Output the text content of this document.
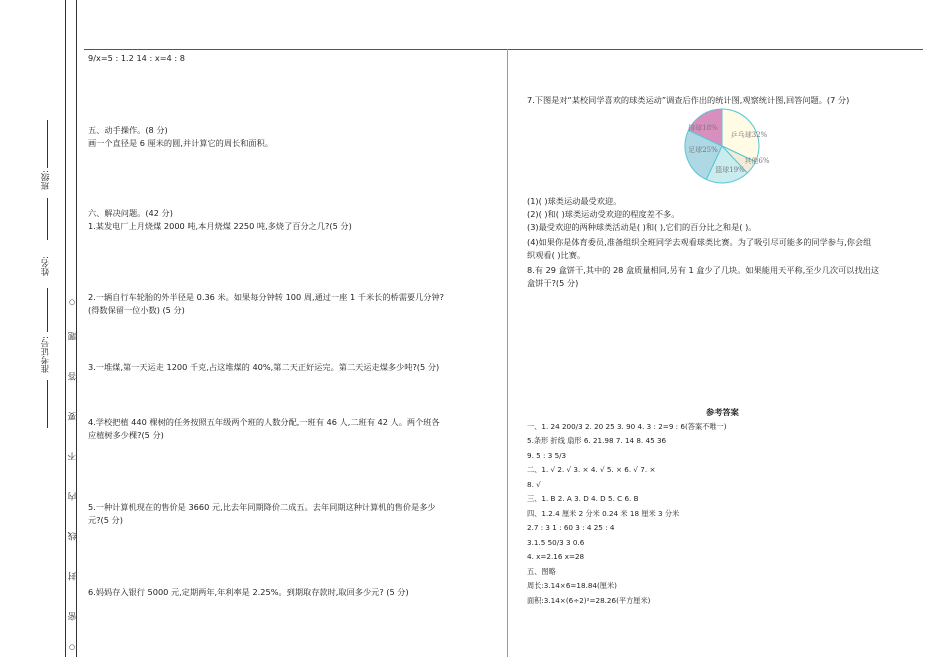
班级:
姓名:
准考证号: 题
答
要
不
内
线
封
密
○
○
9/x=5 : 1.2 14 : x=4 : 8
五、动手操作。(8 分)
画一个直径是 6 厘米的圆,并计算它的周长和面积。
六、解决问题。(42 分)
1.某发电厂上月烧煤 2000 吨,本月烧煤 2250 吨,多烧了百分之几?(5 分)
2.一辆自行车轮胎的外半径是 0.36 米。如果每分钟转 100 周,通过一座 1 千米长的桥需要几分钟?
(得数保留一位小数) (5 分)
3.一堆煤,第一天运走 1200 千克,占这堆煤的 40%,第二天正好运完。第二天运走煤多少吨?(5 分)
4.学校把植 440 棵树的任务按照五年级两个班的人数分配,一班有 46 人,二班有 42 人。两个班各
应植树多少棵?(5 分)
5.一种计算机现在的售价是 3660 元,比去年同期降价二成五。去年同期这种计算机的售价是多少
元?(5 分)
6.妈妈存入银行 5000 元,定期两年,年利率是 2.25%。到期取存款时,取回多少元? (5 分)
7.下图是对“某校同学喜欢的球类运动”调查后作出的统计图,观察统计图,回答问题。(7 分)
乒乓球32%
其他6%
篮球19%
足球25%
排球18%
(1)( )球类运动最受欢迎。
(2)( )和( )球类运动受欢迎的程度差不多。
(3)最受欢迎的两种球类活动是( )和( ),它们的百分比之和是( )。
(4)如果你是体育委员,准备组织全班同学去观看球类比赛。为了吸引尽可能多的同学参与,你会组
织观看( )比赛。
8.有 29 盒饼干,其中的 28 盒质量相同,另有 1 盒少了几块。如果能用天平称,至少几次可以找出这
盒饼干?(5 分)
参考答案
一、1. 24 200/3 2. 20 25 3. 90 4. 3 : 2=9 : 6(答案不唯一)
5.条形 折线 扇形 6. 21.98 7. 14 8. 45 36
9. 5 : 3 5/3
二、1. √ 2. √ 3. × 4. √ 5. × 6. √ 7. ×
8. √
三、1. B 2. A 3. D 4. D 5. C 6. B
四、1.2.4 厘米 2 分米 0.24 米 18 厘米 3 分米
2.7 : 3 1 : 60 3 : 4 25 : 4
3.1.5 50/3 3 0.6
4. x=2.16 x=28
五、图略
周长:3.14×6=18.84(厘米)
面积:3.14×(6÷2)²=28.26(平方厘米)
